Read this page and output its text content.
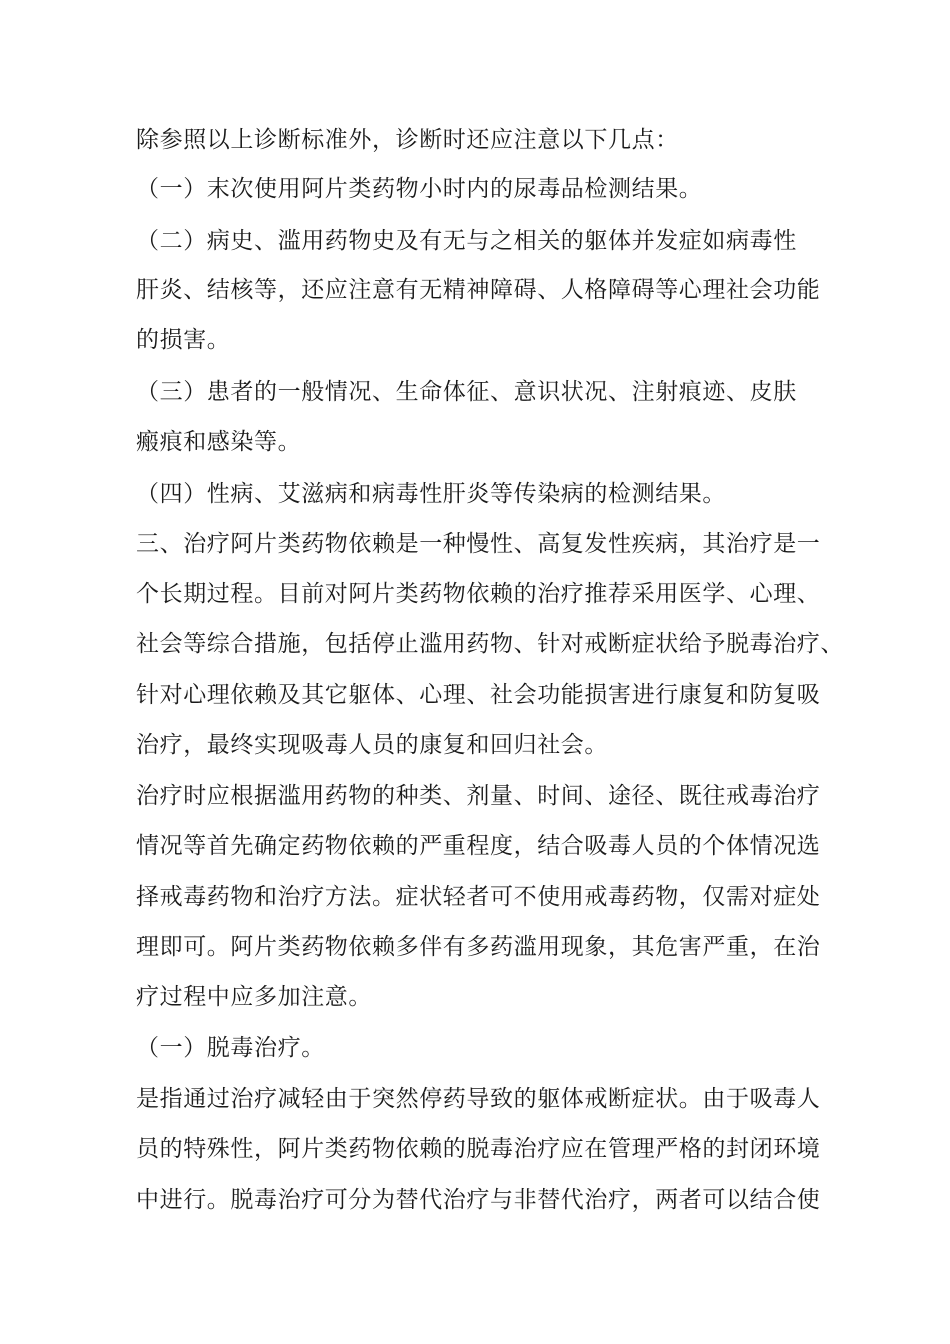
除参照以上诊断标准外，诊断时还应注意以下几点：
（一）末次使用阿片类药物小时内的尿毒品检测结果。
（二）病史、滥用药物史及有无与之相关的躯体并发症如病毒性
肝炎、结核等，还应注意有无精神障碍、人格障碍等心理社会功能
的损害。
（三）患者的一般情况、生命体征、意识状况、注射痕迹、皮肤
瘢痕和感染等。
（四）性病、艾滋病和病毒性肝炎等传染病的检测结果。
三、治疗阿片类药物依赖是一种慢性、高复发性疾病，其治疗是一
个长期过程。目前对阿片类药物依赖的治疗推荐采用医学、心理、
社会等综合措施，包括停止滥用药物、针对戒断症状给予脱毒治疗、
针对心理依赖及其它躯体、心理、社会功能损害进行康复和防复吸
治疗，最终实现吸毒人员的康复和回归社会。
治疗时应根据滥用药物的种类、剂量、时间、途径、既往戒毒治疗
情况等首先确定药物依赖的严重程度，结合吸毒人员的个体情况选
择戒毒药物和治疗方法。症状轻者可不使用戒毒药物，仅需对症处
理即可。阿片类药物依赖多伴有多药滥用现象，其危害严重，在治
疗过程中应多加注意。
（一）脱毒治疗。
是指通过治疗减轻由于突然停药导致的躯体戒断症状。由于吸毒人
员的特殊性，阿片类药物依赖的脱毒治疗应在管理严格的封闭环境
中进行。脱毒治疗可分为替代治疗与非替代治疗，两者可以结合使
